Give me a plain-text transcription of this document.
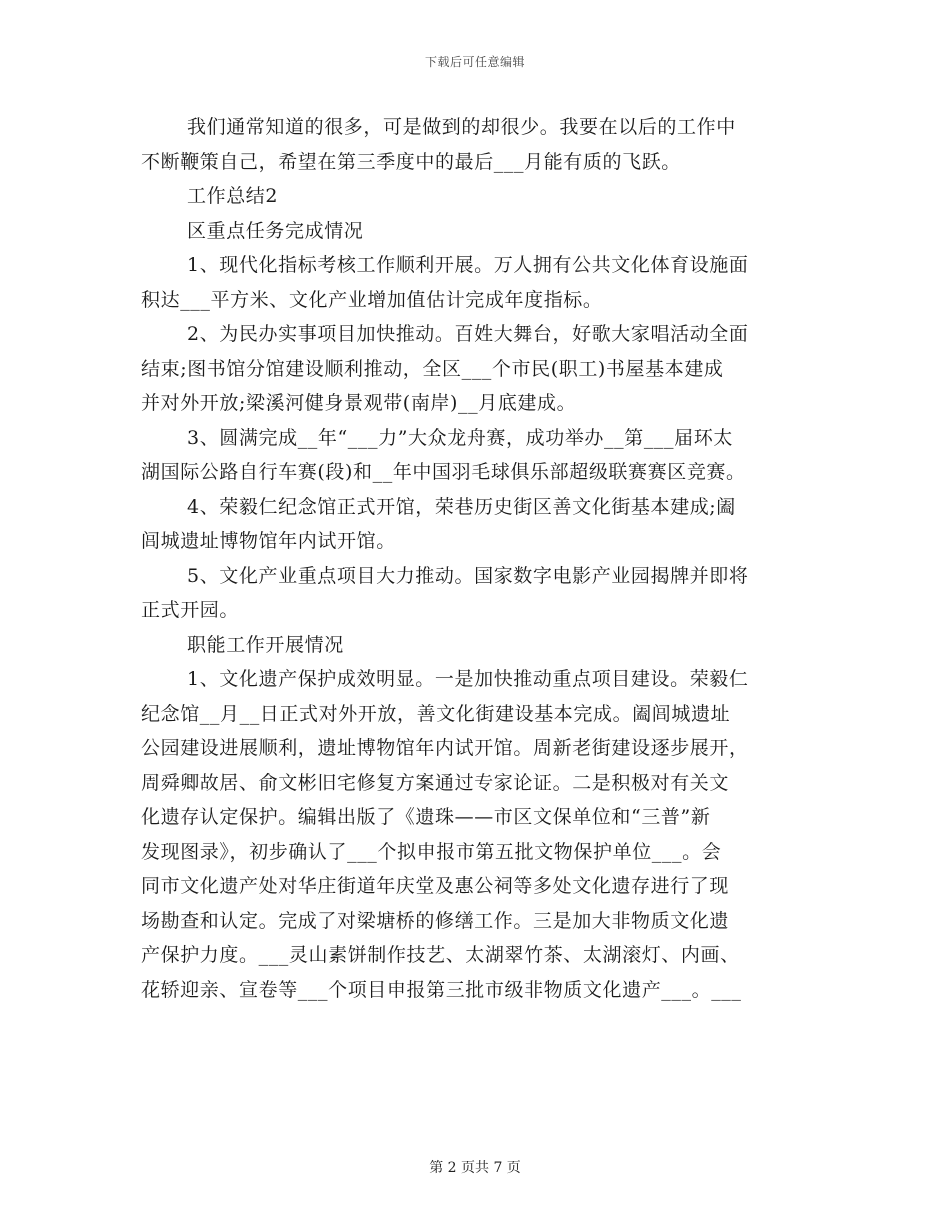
下载后可任意编辑
我们通常知道的很多，可是做到的却很少。我要在以后的工作中
不断鞭策自己，希望在第三季度中的最后___月能有质的飞跃。
工作总结2
区重点任务完成情况
1、现代化指标考核工作顺利开展。万人拥有公共文化体育设施面
积达___平方米、文化产业增加值估计完成年度指标。
2、为民办实事项目加快推动。百姓大舞台，好歌大家唱活动全面
结束;图书馆分馆建设顺利推动，全区___个市民(职工)书屋基本建成
并对外开放;梁溪河健身景观带(南岸)__月底建成。
3、圆满完成__年“___力”大众龙舟赛，成功举办__第___届环太
湖国际公路自行车赛(段)和__年中国羽毛球俱乐部超级联赛赛区竞赛。
4、荣毅仁纪念馆正式开馆，荣巷历史街区善文化街基本建成;阖
闾城遗址博物馆年内试开馆。
5、文化产业重点项目大力推动。国家数字电影产业园揭牌并即将
正式开园。
职能工作开展情况
1、文化遗产保护成效明显。一是加快推动重点项目建设。荣毅仁
纪念馆__月__日正式对外开放，善文化街建设基本完成。阖闾城遗址
公园建设进展顺利，遗址博物馆年内试开馆。周新老街建设逐步展开，
周舜卿故居、俞文彬旧宅修复方案通过专家论证。二是积极对有关文
化遗存认定保护。编辑出版了《遗珠——市区文保单位和“三普”新
发现图录》，初步确认了___个拟申报市第五批文物保护单位___。会
同市文化遗产处对华庄街道年庆堂及惠公祠等多处文化遗存进行了现
场勘查和认定。完成了对梁塘桥的修缮工作。三是加大非物质文化遗
产保护力度。___灵山素饼制作技艺、太湖翠竹茶、太湖滚灯、内画、
花轿迎亲、宣卷等___个项目申报第三批市级非物质文化遗产___。___
第 2 页共 7 页
